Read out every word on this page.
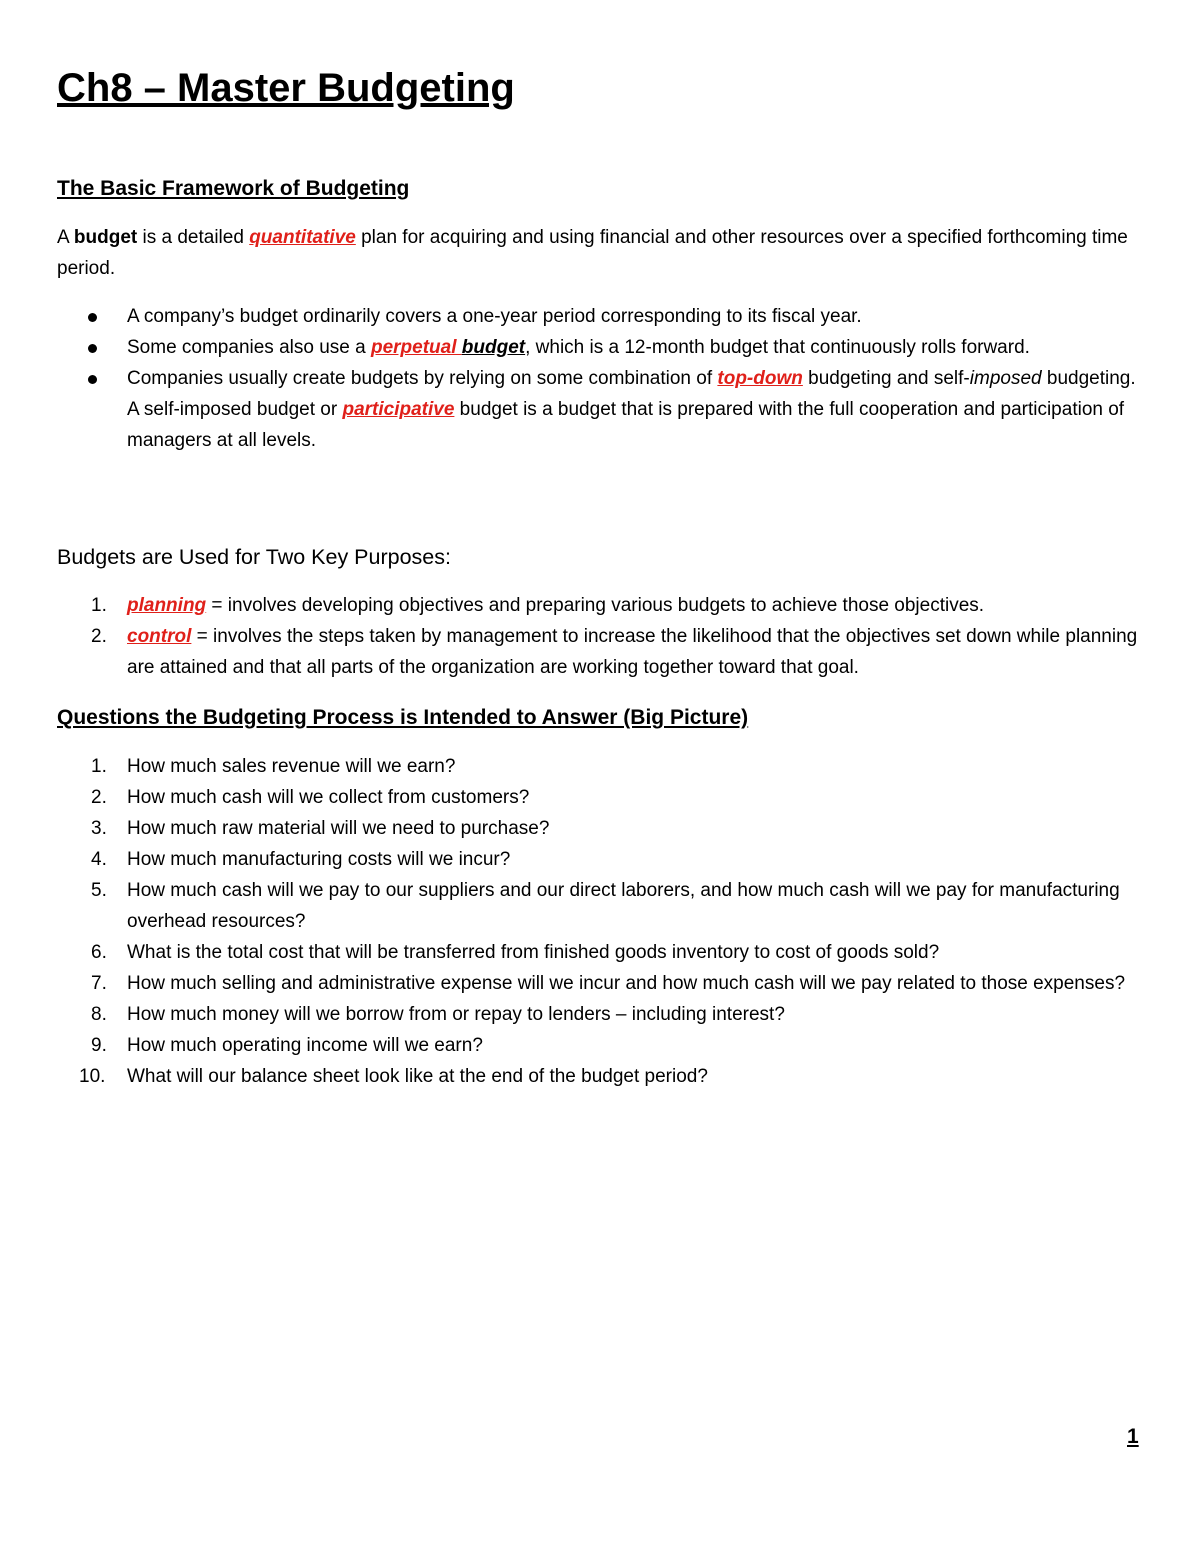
Ch8 – Master Budgeting
The Basic Framework of Budgeting

A budget is a detailed quantitative plan for acquiring and using financial and other resources over a specified forthcoming time period.

A company’s budget ordinarily covers a one-year period corresponding to its fiscal year.
Some companies also use a perpetual budget, which is a 12-month budget that continuously rolls forward.
Companies usually create budgets by relying on some combination of top-down budgeting and self-imposed budgeting. A self-imposed budget or participative budget is a budget that is prepared with the full cooperation and participation of managers at all levels.
Budgets are Used for Two Key Purposes:
1. planning = involves developing objectives and preparing various budgets to achieve those objectives.
2. control = involves the steps taken by management to increase the likelihood that the objectives set down while planning are attained and that all parts of the organization are working together toward that goal.
Questions the Budgeting Process is Intended to Answer (Big Picture)
1. How much sales revenue will we earn?
2. How much cash will we collect from customers?
3. How much raw material will we need to purchase?
4. How much manufacturing costs will we incur?
5. How much cash will we pay to our suppliers and our direct laborers, and how much cash will we pay for manufacturing overhead resources?
6. What is the total cost that will be transferred from finished goods inventory to cost of goods sold?
7. How much selling and administrative expense will we incur and how much cash will we pay related to those expenses?
8. How much money will we borrow from or repay to lenders – including interest?
9. How much operating income will we earn?
10. What will our balance sheet look like at the end of the budget period?
1
